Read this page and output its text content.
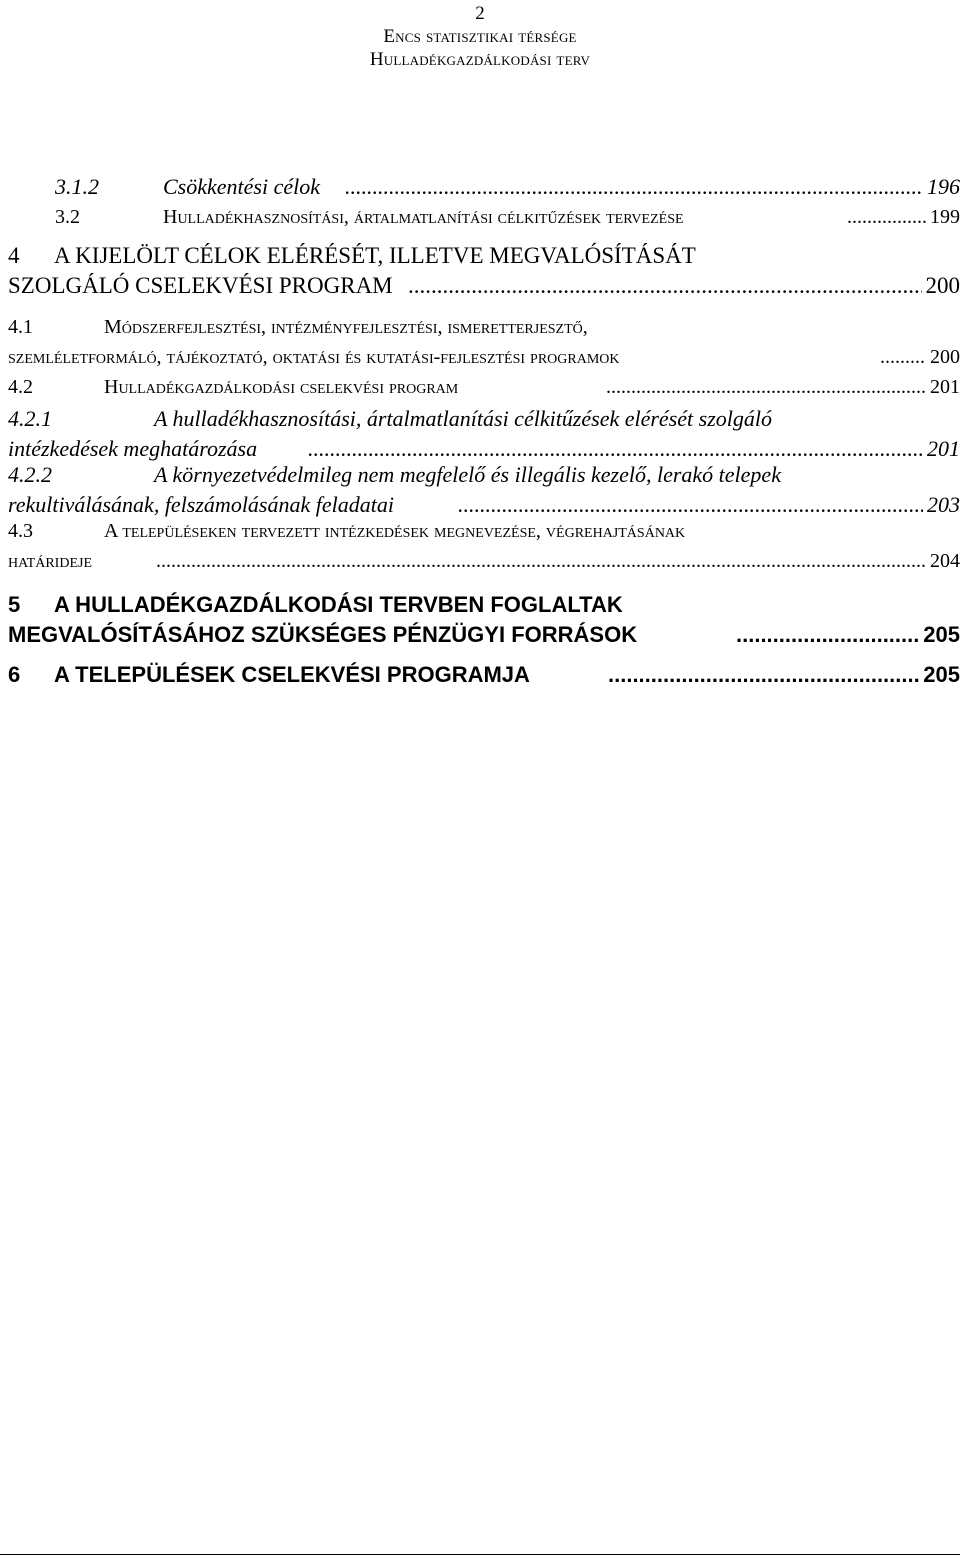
2
Encs statisztikai térsége
Hulladékgazdálkodási terv
3.1.2	Csökkentési célok .....	196
3.2	Hulladékhasznosítási, ártalmatlanítási célkitűzések tervezése .....	199
4 A KIJELÖLT CÉLOK ELÉRÉSÉT, ILLETVE MEGVALÓSÍTÁSÁT
SZOLGÁLÓ CSELEKVÉSI PROGRAM .....	200
4.1	Módszerfejlesztési, intézményfejlesztési, ismeretterjesztő,
szemléletformáló, tájékoztató, oktatási és kutatási-fejlesztési programok .....	200
4.2	Hulladékgazdálkodási cselekvési program .....	201
4.2.1	A hulladékhasznosítási, ártalmatlanítási célkitűzések elérését szolgáló
intézkedések meghatározása .....	201
4.2.2	A környezetvédelmileg nem megfelelő és illegális kezelő, lerakó telepek
rekultiválásának, felszámolásának feladatai .....	203
4.3	A településeken tervezett intézkedések megnevezése, végrehajtásának
határideje .....	204
5 A HULLADÉKGAZDÁLKODÁSI TERVBEN FOGLALTAK
MEGVALÓSÍTÁSÁHOZ SZÜKSÉGES PÉNZÜGYI FORRÁSOK .....	205
6 A TELEPÜLÉSEK CSELEKVÉSI PROGRAMJA .....	205
